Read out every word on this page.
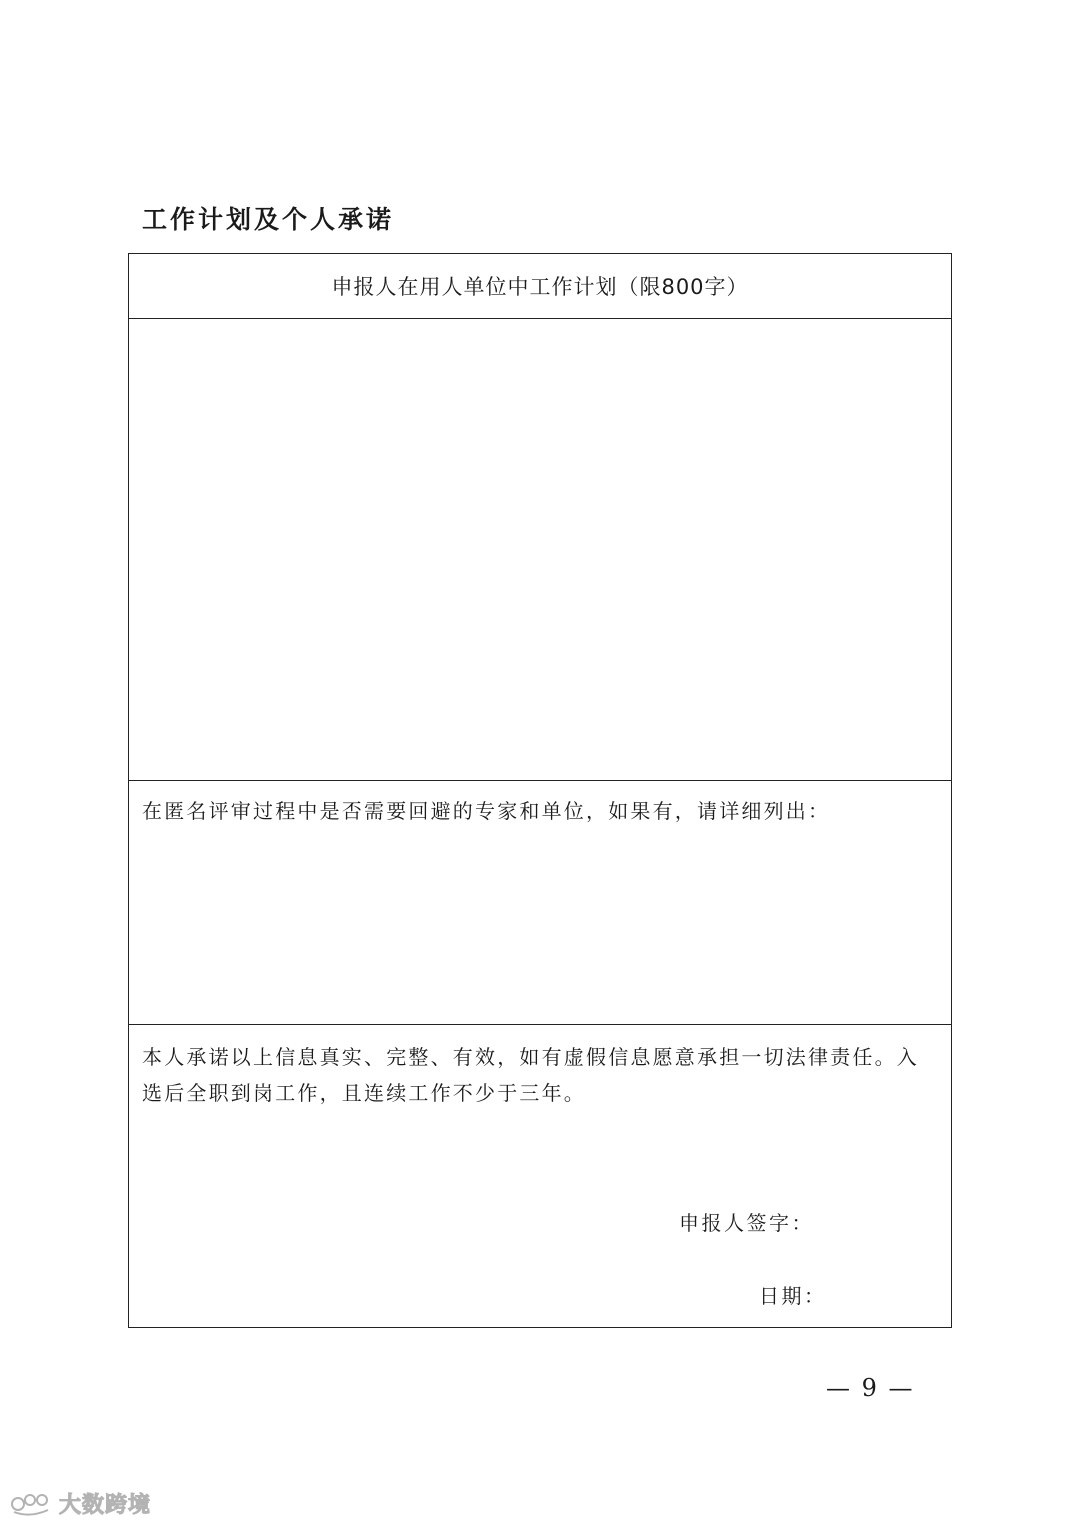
工作计划及个人承诺
申报人在用人单位中工作计划（限800字）
在匿名评审过程中是否需要回避的专家和单位，如果有，请详细列出：
本人承诺以上信息真实、完整、有效，如有虚假信息愿意承担一切法律责任。入选后全职到岗工作，且连续工作不少于三年。
申报人签字：
日期：
— 9 —
大数跨境
